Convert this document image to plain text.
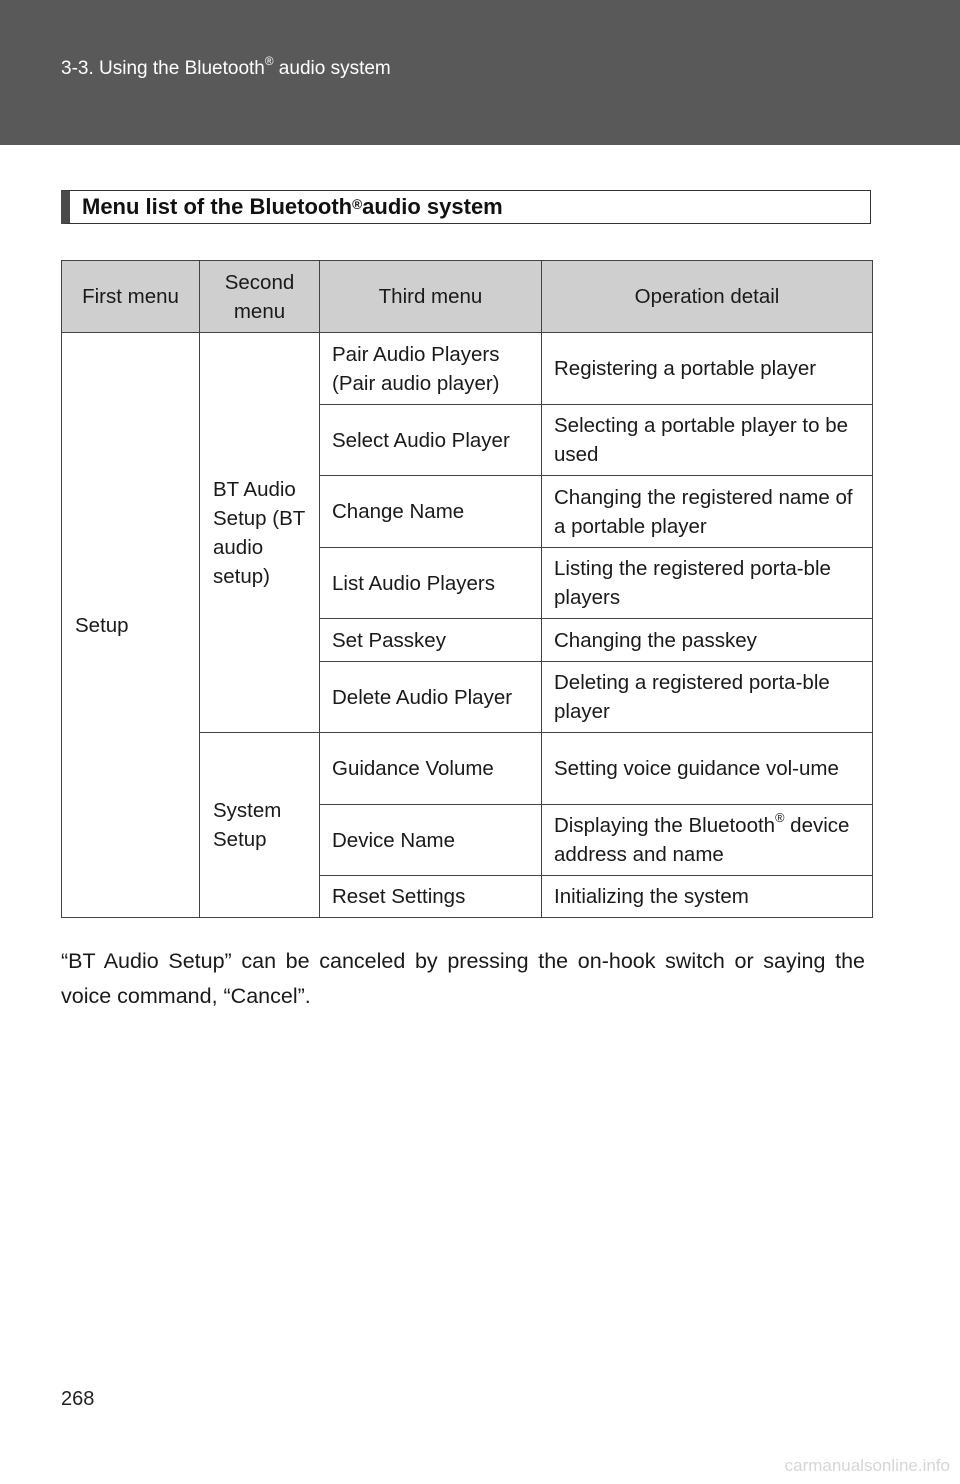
3-3. Using the Bluetooth® audio system
Menu list of the Bluetooth® audio system
First menu	Second menu	Third menu	Operation detail
Setup	BT Audio Setup (BT audio setup)	Pair Audio Players (Pair audio player)	Registering a portable player
		Select Audio Player	Selecting a portable player to be used
		Change Name	Changing the registered name of a portable player
		List Audio Players	Listing the registered porta-ble players
		Set Passkey	Changing the passkey
		Delete Audio Player	Deleting a registered porta-ble player
	System Setup	Guidance Volume	Setting voice guidance vol-ume
		Device Name	Displaying the Bluetooth® device address and name
		Reset Settings	Initializing the system

“BT Audio Setup” can be canceled by pressing the on-hook switch or saying the voice command, “Cancel”.

268
carmanualsonline.info
